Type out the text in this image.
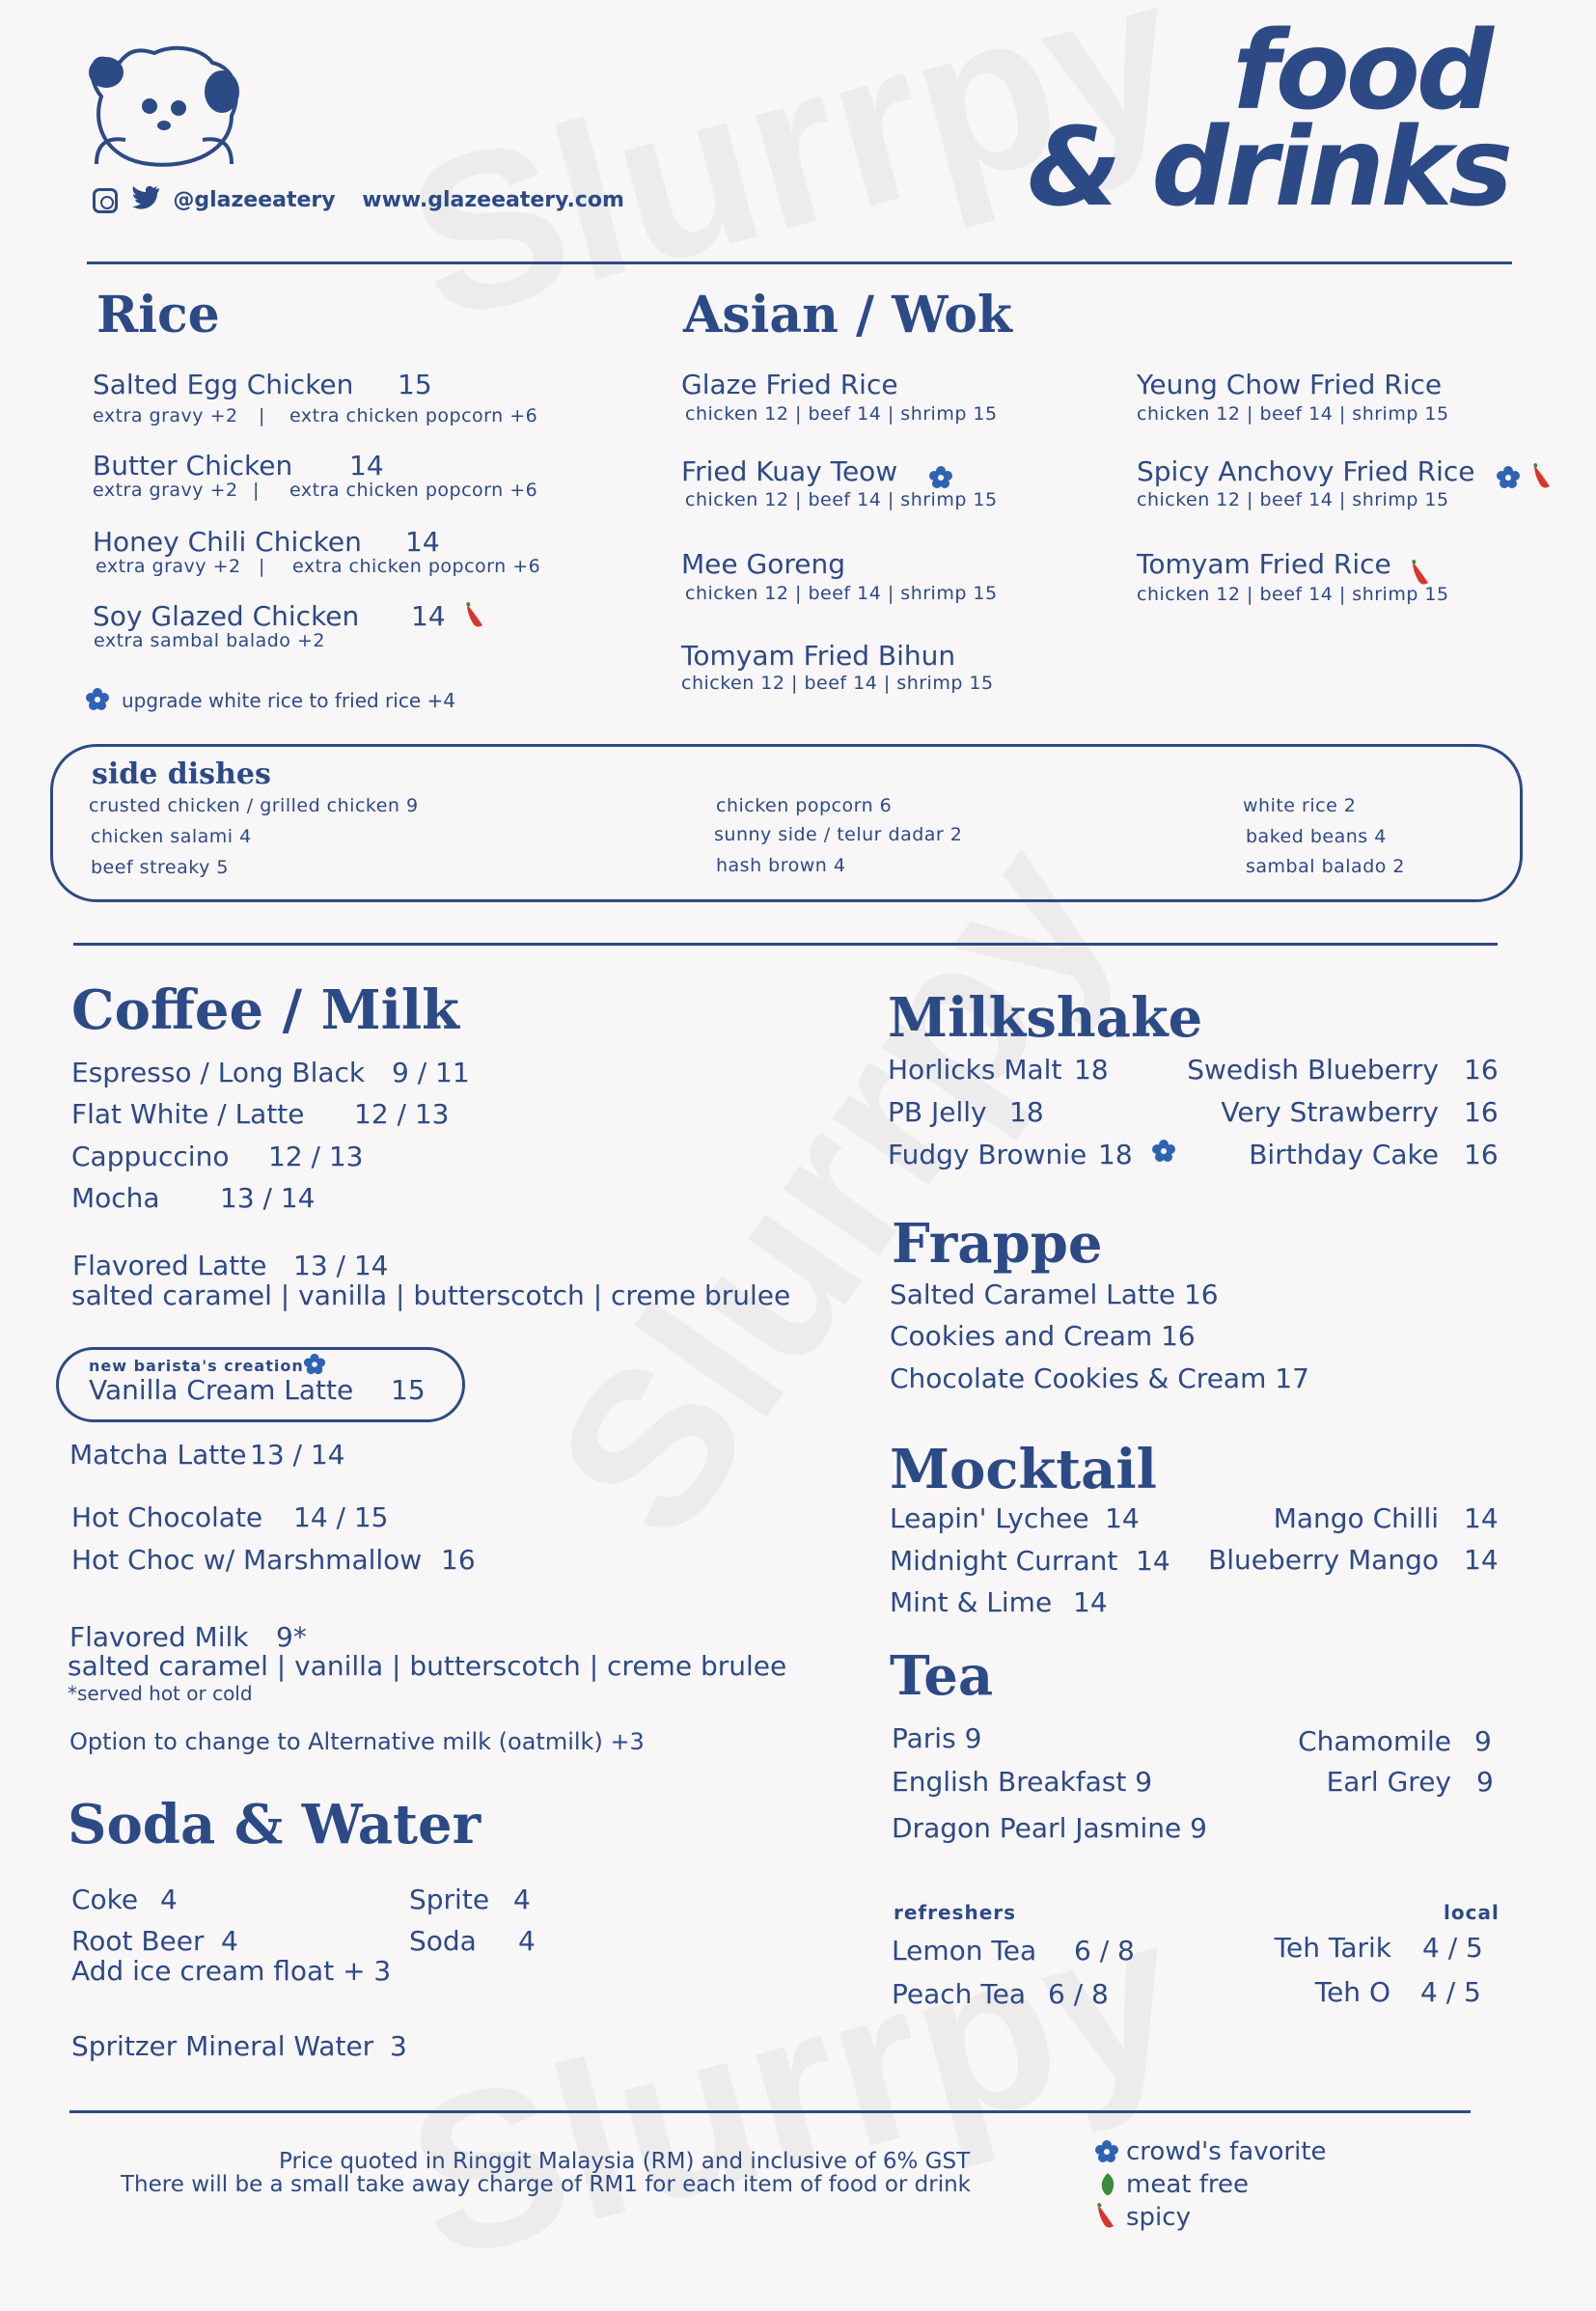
@glazeeatery www.glazeeatery.com
food
& drinks
Rice
Salted Egg Chicken 15
extra gravy +2 | extra chicken popcorn +6
Butter Chicken 14
extra gravy +2 | extra chicken popcorn +6
Honey Chili Chicken 14
extra gravy +2 | extra chicken popcorn +6
Soy Glazed Chicken 14
extra sambal balado +2
upgrade white rice to fried rice +4
Asian / Wok
Glaze Fried Rice
chicken 12 | beef 14 | shrimp 15
Fried Kuay Teow
chicken 12 | beef 14 | shrimp 15
Mee Goreng
chicken 12 | beef 14 | shrimp 15
Tomyam Fried Bihun
chicken 12 | beef 14 | shrimp 15
Yeung Chow Fried Rice
chicken 12 | beef 14 | shrimp 15
Spicy Anchovy Fried Rice
chicken 12 | beef 14 | shrimp 15
Tomyam Fried Rice
chicken 12 | beef 14 | shrimp 15
side dishes
crusted chicken / grilled chicken 9
chicken salami 4
beef streaky 5
chicken popcorn 6
sunny side / telur dadar 2
hash brown 4
white rice 2
baked beans 4
sambal balado 2
Coffee / Milk
Espresso / Long Black 9 / 11
Flat White / Latte 12 / 13
Cappuccino 12 / 13
Mocha 13 / 14
Flavored Latte 13 / 14
salted caramel | vanilla | butterscotch | creme brulee
new barista's creation
Vanilla Cream Latte 15
Matcha Latte 13 / 14
Hot Chocolate 14 / 15
Hot Choc w/ Marshmallow 16
Flavored Milk 9*
salted caramel | vanilla | butterscotch | creme brulee
*served hot or cold
Option to change to Alternative milk (oatmilk) +3
Soda & Water
Coke 4
Root Beer 4
Add ice cream float + 3
Sprite 4
Soda 4
Spritzer Mineral Water 3
Milkshake
Horlicks Malt 18
PB Jelly 18
Fudgy Brownie 18
Swedish Blueberry 16
Very Strawberry 16
Birthday Cake 16
Frappe
Salted Caramel Latte 16
Cookies and Cream 16
Chocolate Cookies & Cream 17
Mocktail
Leapin' Lychee 14
Midnight Currant 14
Mint & Lime 14
Mango Chilli 14
Blueberry Mango 14
Tea
Paris 9
English Breakfast 9
Dragon Pearl Jasmine 9
Chamomile 9
Earl Grey 9
refreshers	local
Lemon Tea 6 / 8
Peach Tea 6 / 8
Teh Tarik 4 / 5
Teh O 4 / 5
Price quoted in Ringgit Malaysia (RM) and inclusive of 6% GST
There will be a small take away charge of RM1 for each item of food or drink
crowd's favorite
meat free
spicy
